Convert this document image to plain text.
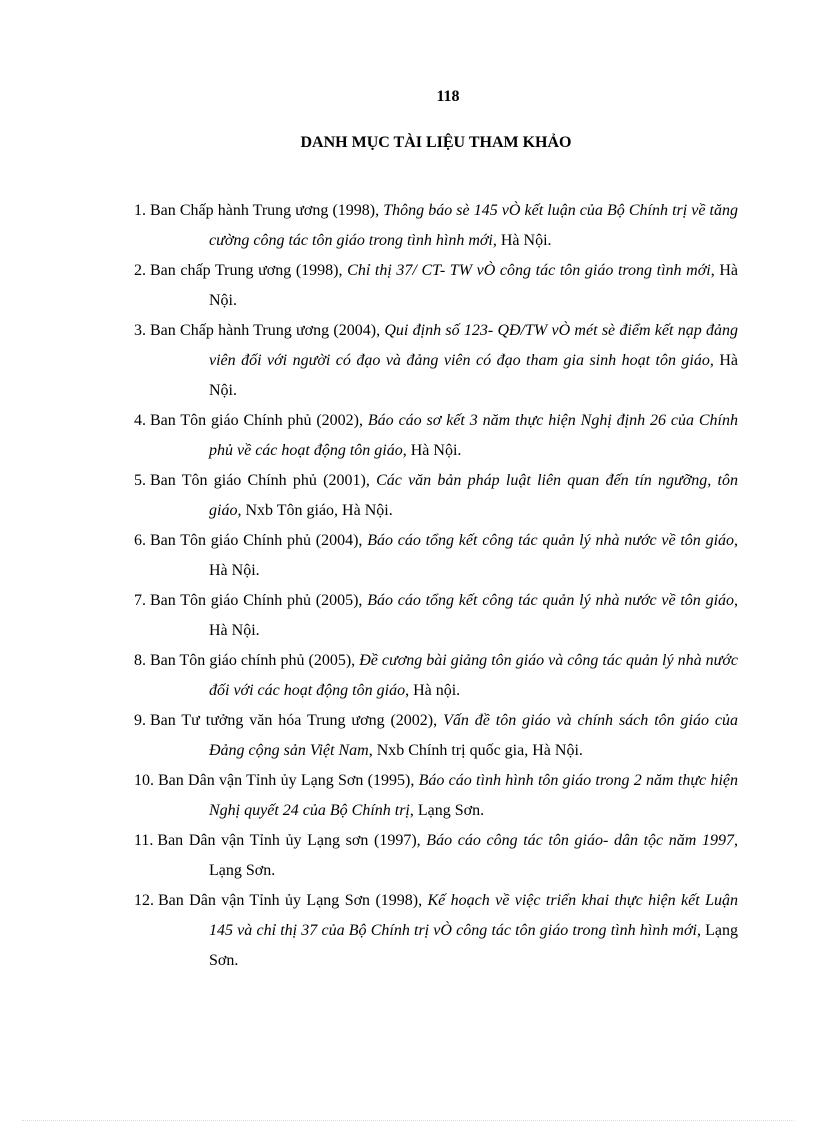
118
DANH MỤC TÀI LIỆU THAM KHẢO
1. Ban Chấp hành Trung ương (1998), Thông báo sè 145 vÒ kết luận của Bộ Chính trị về tăng cường công tác tôn giáo trong tình hình mới, Hà Nội.
2. Ban chấp Trung ương (1998), Chỉ thị 37/ CT- TW vÒ công tác tôn giáo trong tình mới, Hà Nội.
3. Ban Chấp hành Trung ương (2004), Qui định số 123- QĐ/TW vÒ mét sè điểm kết nạp đảng viên đối với người có đạo và đảng viên có đạo tham gia sinh hoạt tôn giáo, Hà Nội.
4. Ban Tôn giáo Chính phủ (2002), Báo cáo sơ kết 3 năm thực hiện Nghị định 26 của Chính phủ về các hoạt động tôn giáo, Hà Nội.
5. Ban Tôn giáo Chính phủ (2001), Các văn bản pháp luật liên quan đến tín ngưỡng, tôn giáo, Nxb Tôn giáo, Hà Nội.
6. Ban Tôn giáo Chính phủ (2004), Báo cáo tổng kết công tác quản lý nhà nước về tôn giáo, Hà Nội.
7. Ban Tôn giáo Chính phủ (2005), Báo cáo tổng kết công tác quản lý nhà nước về tôn giáo, Hà Nội.
8. Ban Tôn giáo chính phủ (2005), Đề cương bài giảng tôn giáo và công tác quản lý nhà nước đối với các hoạt động tôn giáo, Hà nội.
9. Ban Tư tưởng văn hóa Trung ương (2002), Vấn đề tôn giáo và chính sách tôn giáo của Đảng cộng sản Việt Nam, Nxb Chính trị quốc gia, Hà Nội.
10. Ban Dân vận Tỉnh ủy Lạng Sơn (1995), Báo cáo tình hình tôn giáo trong 2 năm thực hiện Nghị quyết 24 của Bộ Chính trị, Lạng Sơn.
11. Ban Dân vận Tỉnh ủy Lạng sơn (1997), Báo cáo công tác tôn giáo- dân tộc năm 1997, Lạng Sơn.
12. Ban Dân vận Tỉnh ủy Lạng Sơn (1998), Kế hoạch về việc triển khai thực hiện kết Luận 145 và chỉ thị 37 của Bộ Chính trị vÒ công tác tôn giáo trong tình hình mới, Lạng Sơn.
